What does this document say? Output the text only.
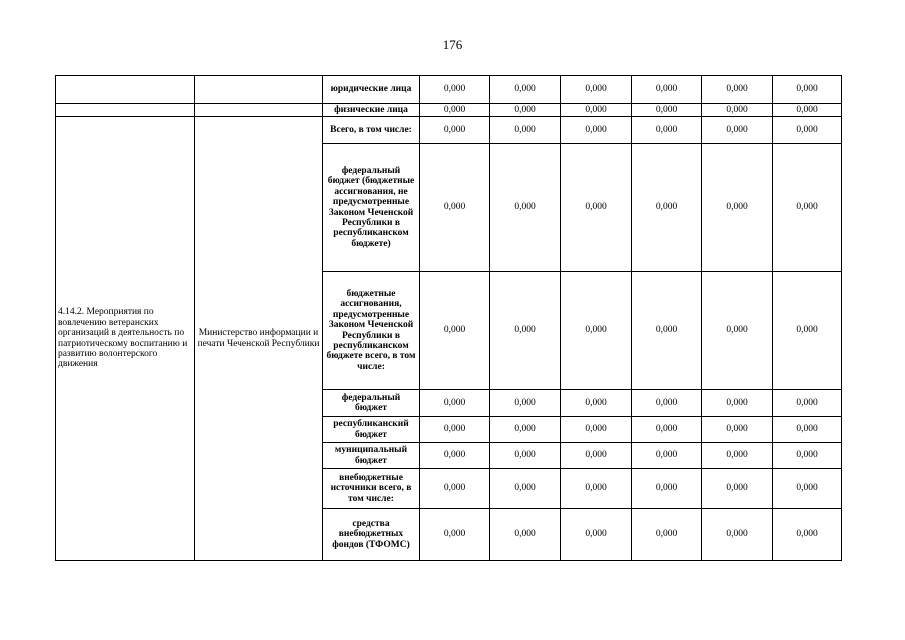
176
		юридические лица	0,000	0,000	0,000	0,000	0,000	0,000
		физические лица	0,000	0,000	0,000	0,000	0,000	0,000
4.14.2. Мероприятия по вовлечению ветеранских организаций в деятельность по патриотическому воспитанию и развитию волонтерского движения	Министерство информации и печати Чеченской Республики	Всего, в том числе:	0,000	0,000	0,000	0,000	0,000	0,000
		федеральный бюджет (бюджетные ассигнования, не предусмотренные Законом Чеченской Республики в республиканском бюджете)	0,000	0,000	0,000	0,000	0,000	0,000
		бюджетные ассигнования, предусмотренные Законом Чеченской Республики в республиканском бюджете всего, в том числе:	0,000	0,000	0,000	0,000	0,000	0,000
		федеральный бюджет	0,000	0,000	0,000	0,000	0,000	0,000
		республиканский бюджет	0,000	0,000	0,000	0,000	0,000	0,000
		муниципальный бюджет	0,000	0,000	0,000	0,000	0,000	0,000
		внебюджетные источники всего, в том числе:	0,000	0,000	0,000	0,000	0,000	0,000
		средства внебюджетных фондов (ТФОМС)	0,000	0,000	0,000	0,000	0,000	0,000
